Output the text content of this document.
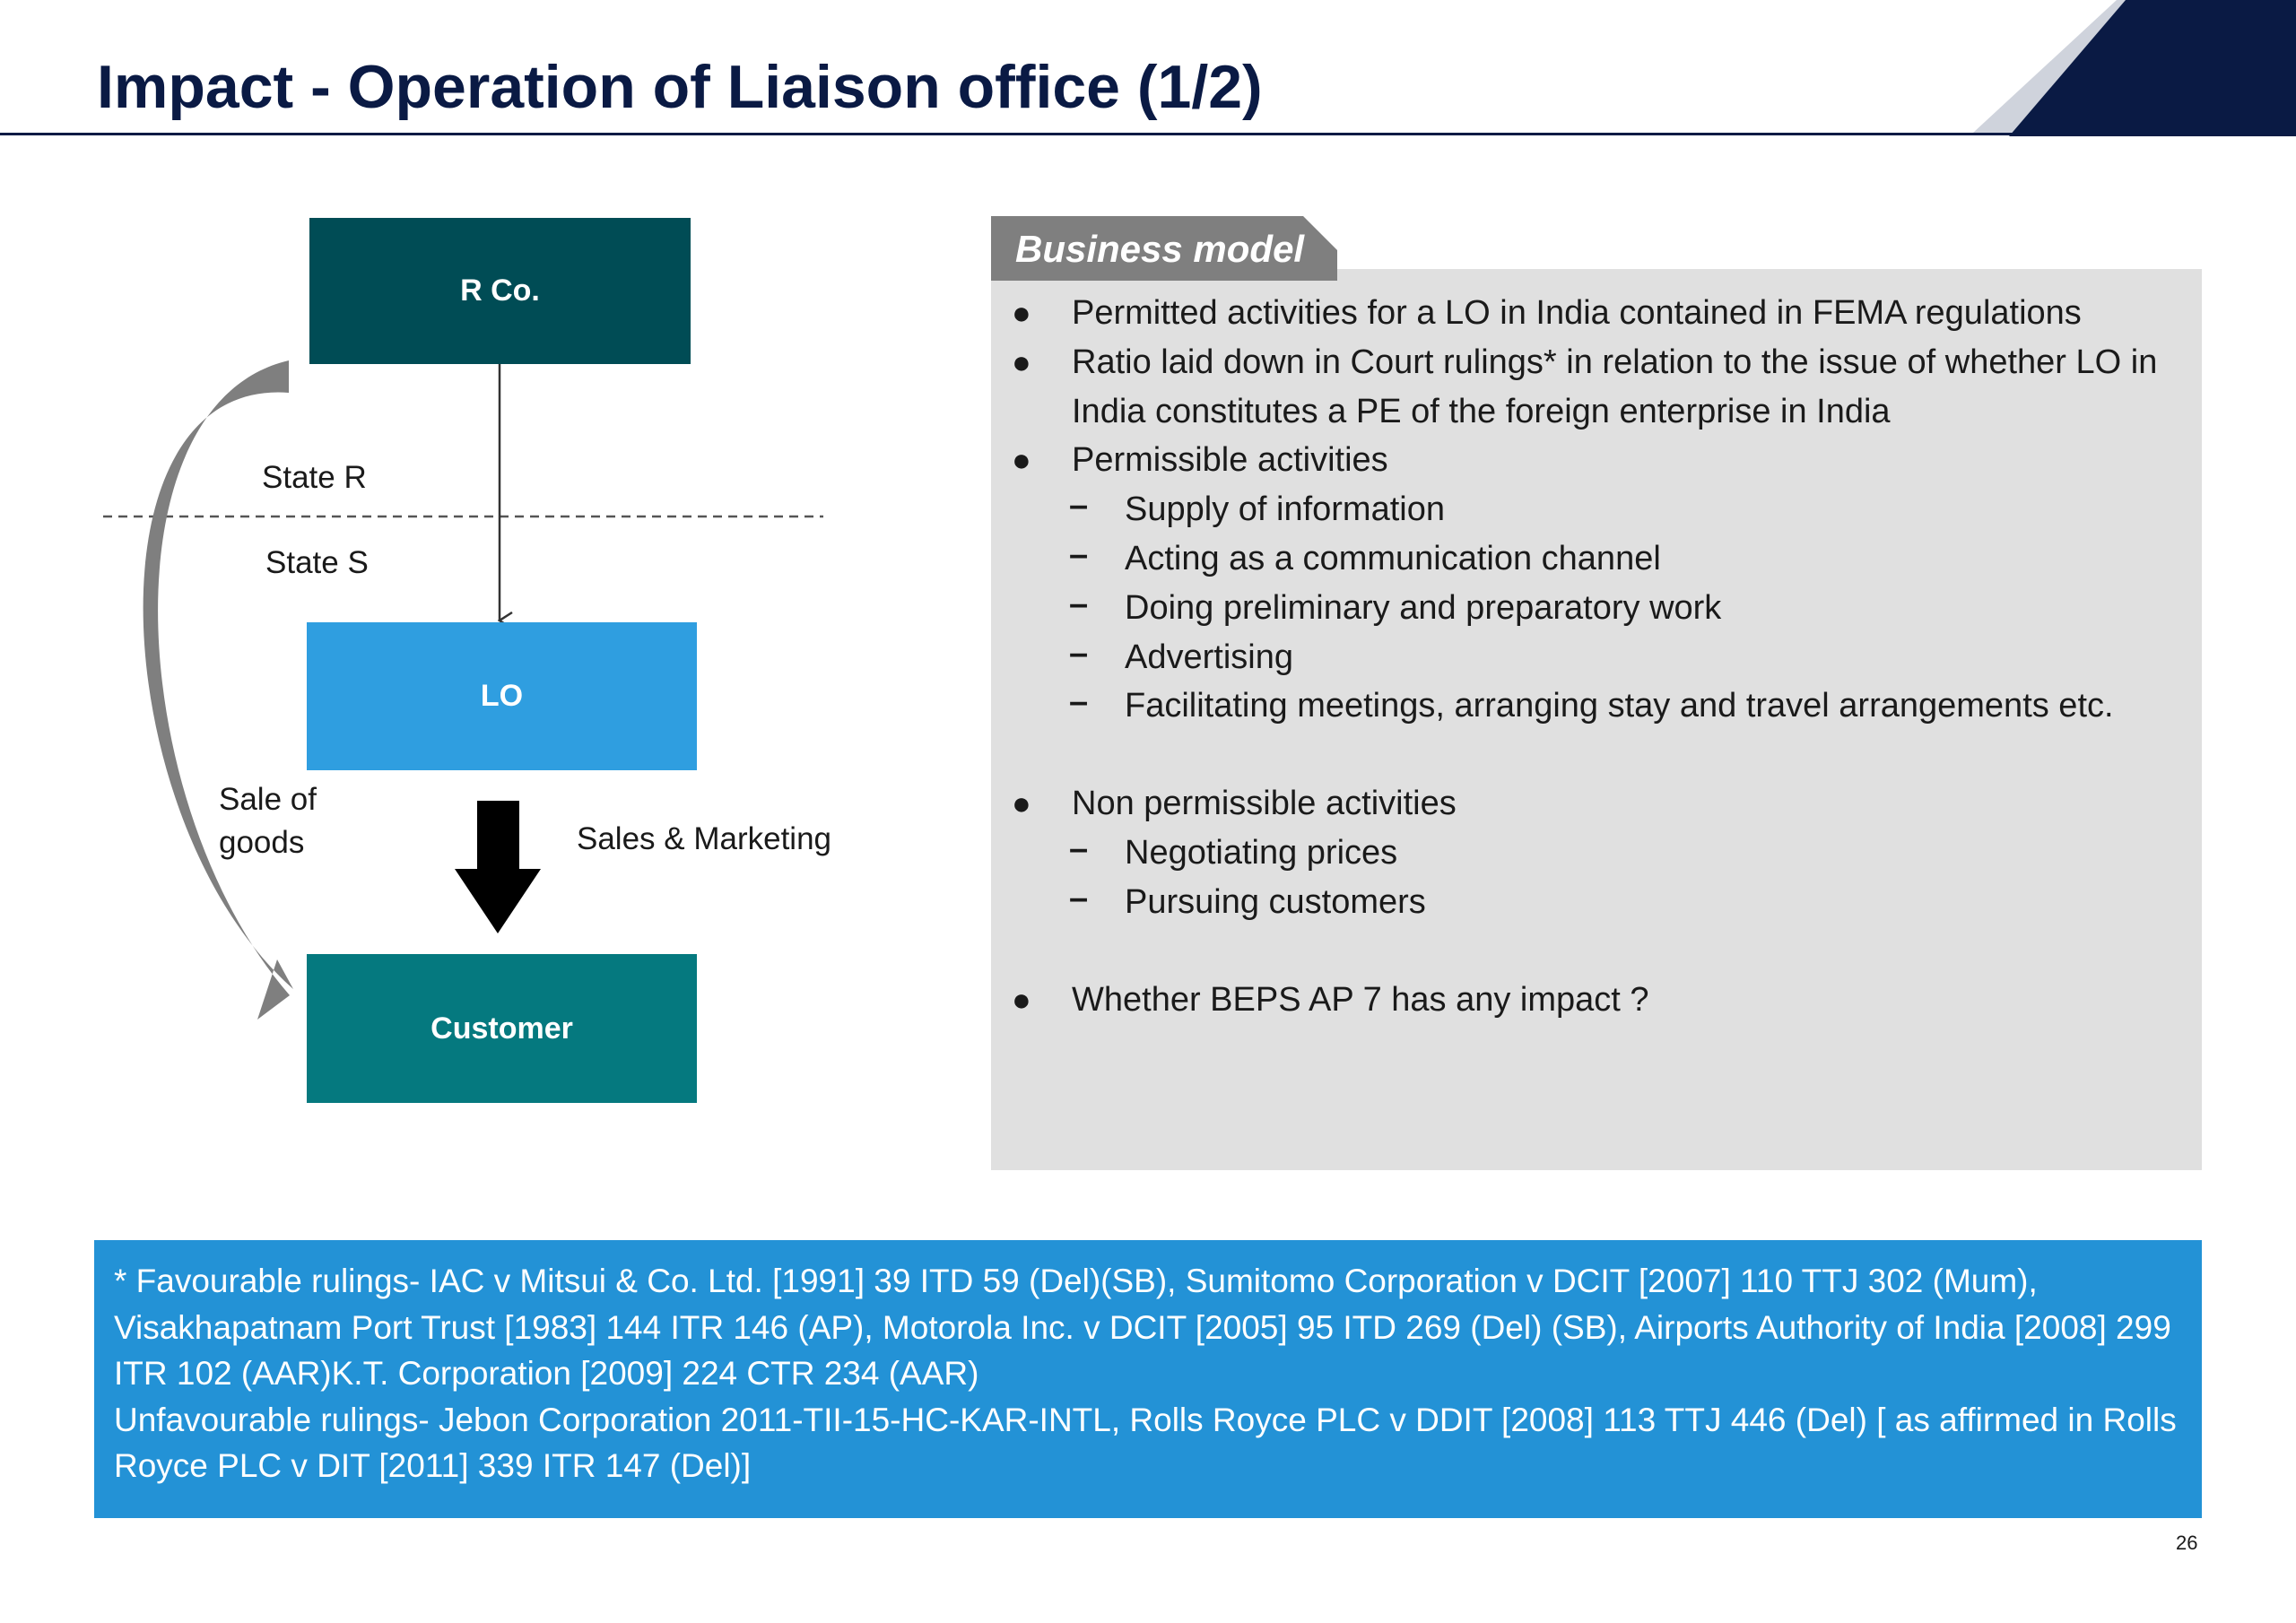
Impact - Operation of Liaison office (1/2)
R Co.
LO
Customer
State R
State S
Sale of goods	Sales & Marketing
Business model
● Permitted activities for a LO in India contained in FEMA regulations
● Ratio laid down in Court rulings* in relation to the issue of whether LO in India constitutes a PE of the foreign enterprise in India
● Permissible activities
– Supply of information
– Acting as a communication channel
– Doing preliminary and preparatory work
– Advertising
– Facilitating meetings, arranging stay and travel arrangements etc.
● Non permissible activities
– Negotiating prices
– Pursuing customers
● Whether BEPS AP 7 has any impact ?

* Favourable rulings- IAC v Mitsui & Co. Ltd. [1991] 39 ITD 59 (Del)(SB), Sumitomo Corporation v DCIT [2007] 110 TTJ 302 (Mum), Visakhapatnam Port Trust [1983] 144 ITR 146 (AP), Motorola Inc. v DCIT [2005] 95 ITD 269 (Del) (SB), Airports Authority of India [2008] 299 ITR 102 (AAR)K.T. Corporation [2009] 224 CTR 234 (AAR)

Unfavourable rulings- Jebon Corporation 2011-TII-15-HC-KAR-INTL, Rolls Royce PLC v DDIT [2008] 113 TTJ 446 (Del) [ as affirmed in Rolls Royce PLC v DIT [2011] 339 ITR 147 (Del)]

26
